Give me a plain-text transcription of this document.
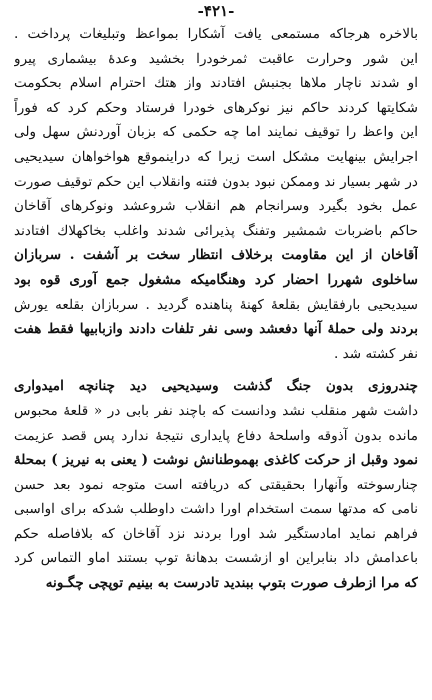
-۴۲۱-
بالاخره هرجاکه مستمعی یافت آشکارا بمواعظ وتبلیغات پرداخت .
این شور وحرارت عاقبت ثمرخودرا بخشید وعدهٔ بیشماری پیرو
او شدند ناچار ملاها بجنبش افتادند واز هتك احترام اسلام بحکومت
شکایتها کردند حاکم نیز نوکرهای خودرا فرستاد وحکم کرد که فوراً
این واعظ را توقیف نمایند اما چه حکمی که بزبان آوردنش سهل ولی
اجرایش بینهایت مشکل است زیرا که دراینموقع هواخواهان سیدیحیی
در شهر بسیار ند وممکن نبود بدون فتنه وانقلاب این حکم توقیف صورت
عمل بخود بگیرد وسرانجام هم انقلاب شروعشد ونوکرهای آقاخان
حاکم باضربات شمشیر وتفنگ پذیرائی شدند واغلب بخاکهلاك افتادند
آقاخان از این مقاومت برخلاف انتظار سخت بر آشفت . سربازان
ساخلوی شهررا احضار کرد وهنگامیکه مشغول جمع آوری قوه بود
سیدیحیی بارفقایش بقلعهٔ کهنهٔ پناهنده گردید . سربازان بقلعه یورش
بردند ولی حملهٔ آنها دفعشد وسی نفر تلفات دادند وازبابیها فقط هفت
نفر کشته شد .
چندروزی بدون جنگ گذشت وسیدیحیی دید چنانچه امیدواری
داشت شهر منقلب نشد ودانست که باچند نفر بابی در « قلعهٔ محبوس
مانده بدون آذوقه واسلحهٔ دفاع پایداری نتیجهٔ ندارد پس قصد عزیمت
نمود وقبل از حرکت کاغذی بهموطنانش نوشت ( یعنی به نیریز ) بمحلهٔ
چنارسوخته وآنهارا بحقیقتی که دریافته است متوجه نمود بعد حسن
نامی که مدتها سمت استخدام اورا داشت داوطلب شدکه برای اواسبی
فراهم نماید امادستگیر شد اورا بردند نزد آقاخان که بلافاصله حکم
باعدامش داد بنابراین او ازشست بدهانهٔ توپ بستند اماو التماس کرد
که مرا ازطرف صورت بتوپ ببندید تادرست به بینیم توپچی چگـونه
